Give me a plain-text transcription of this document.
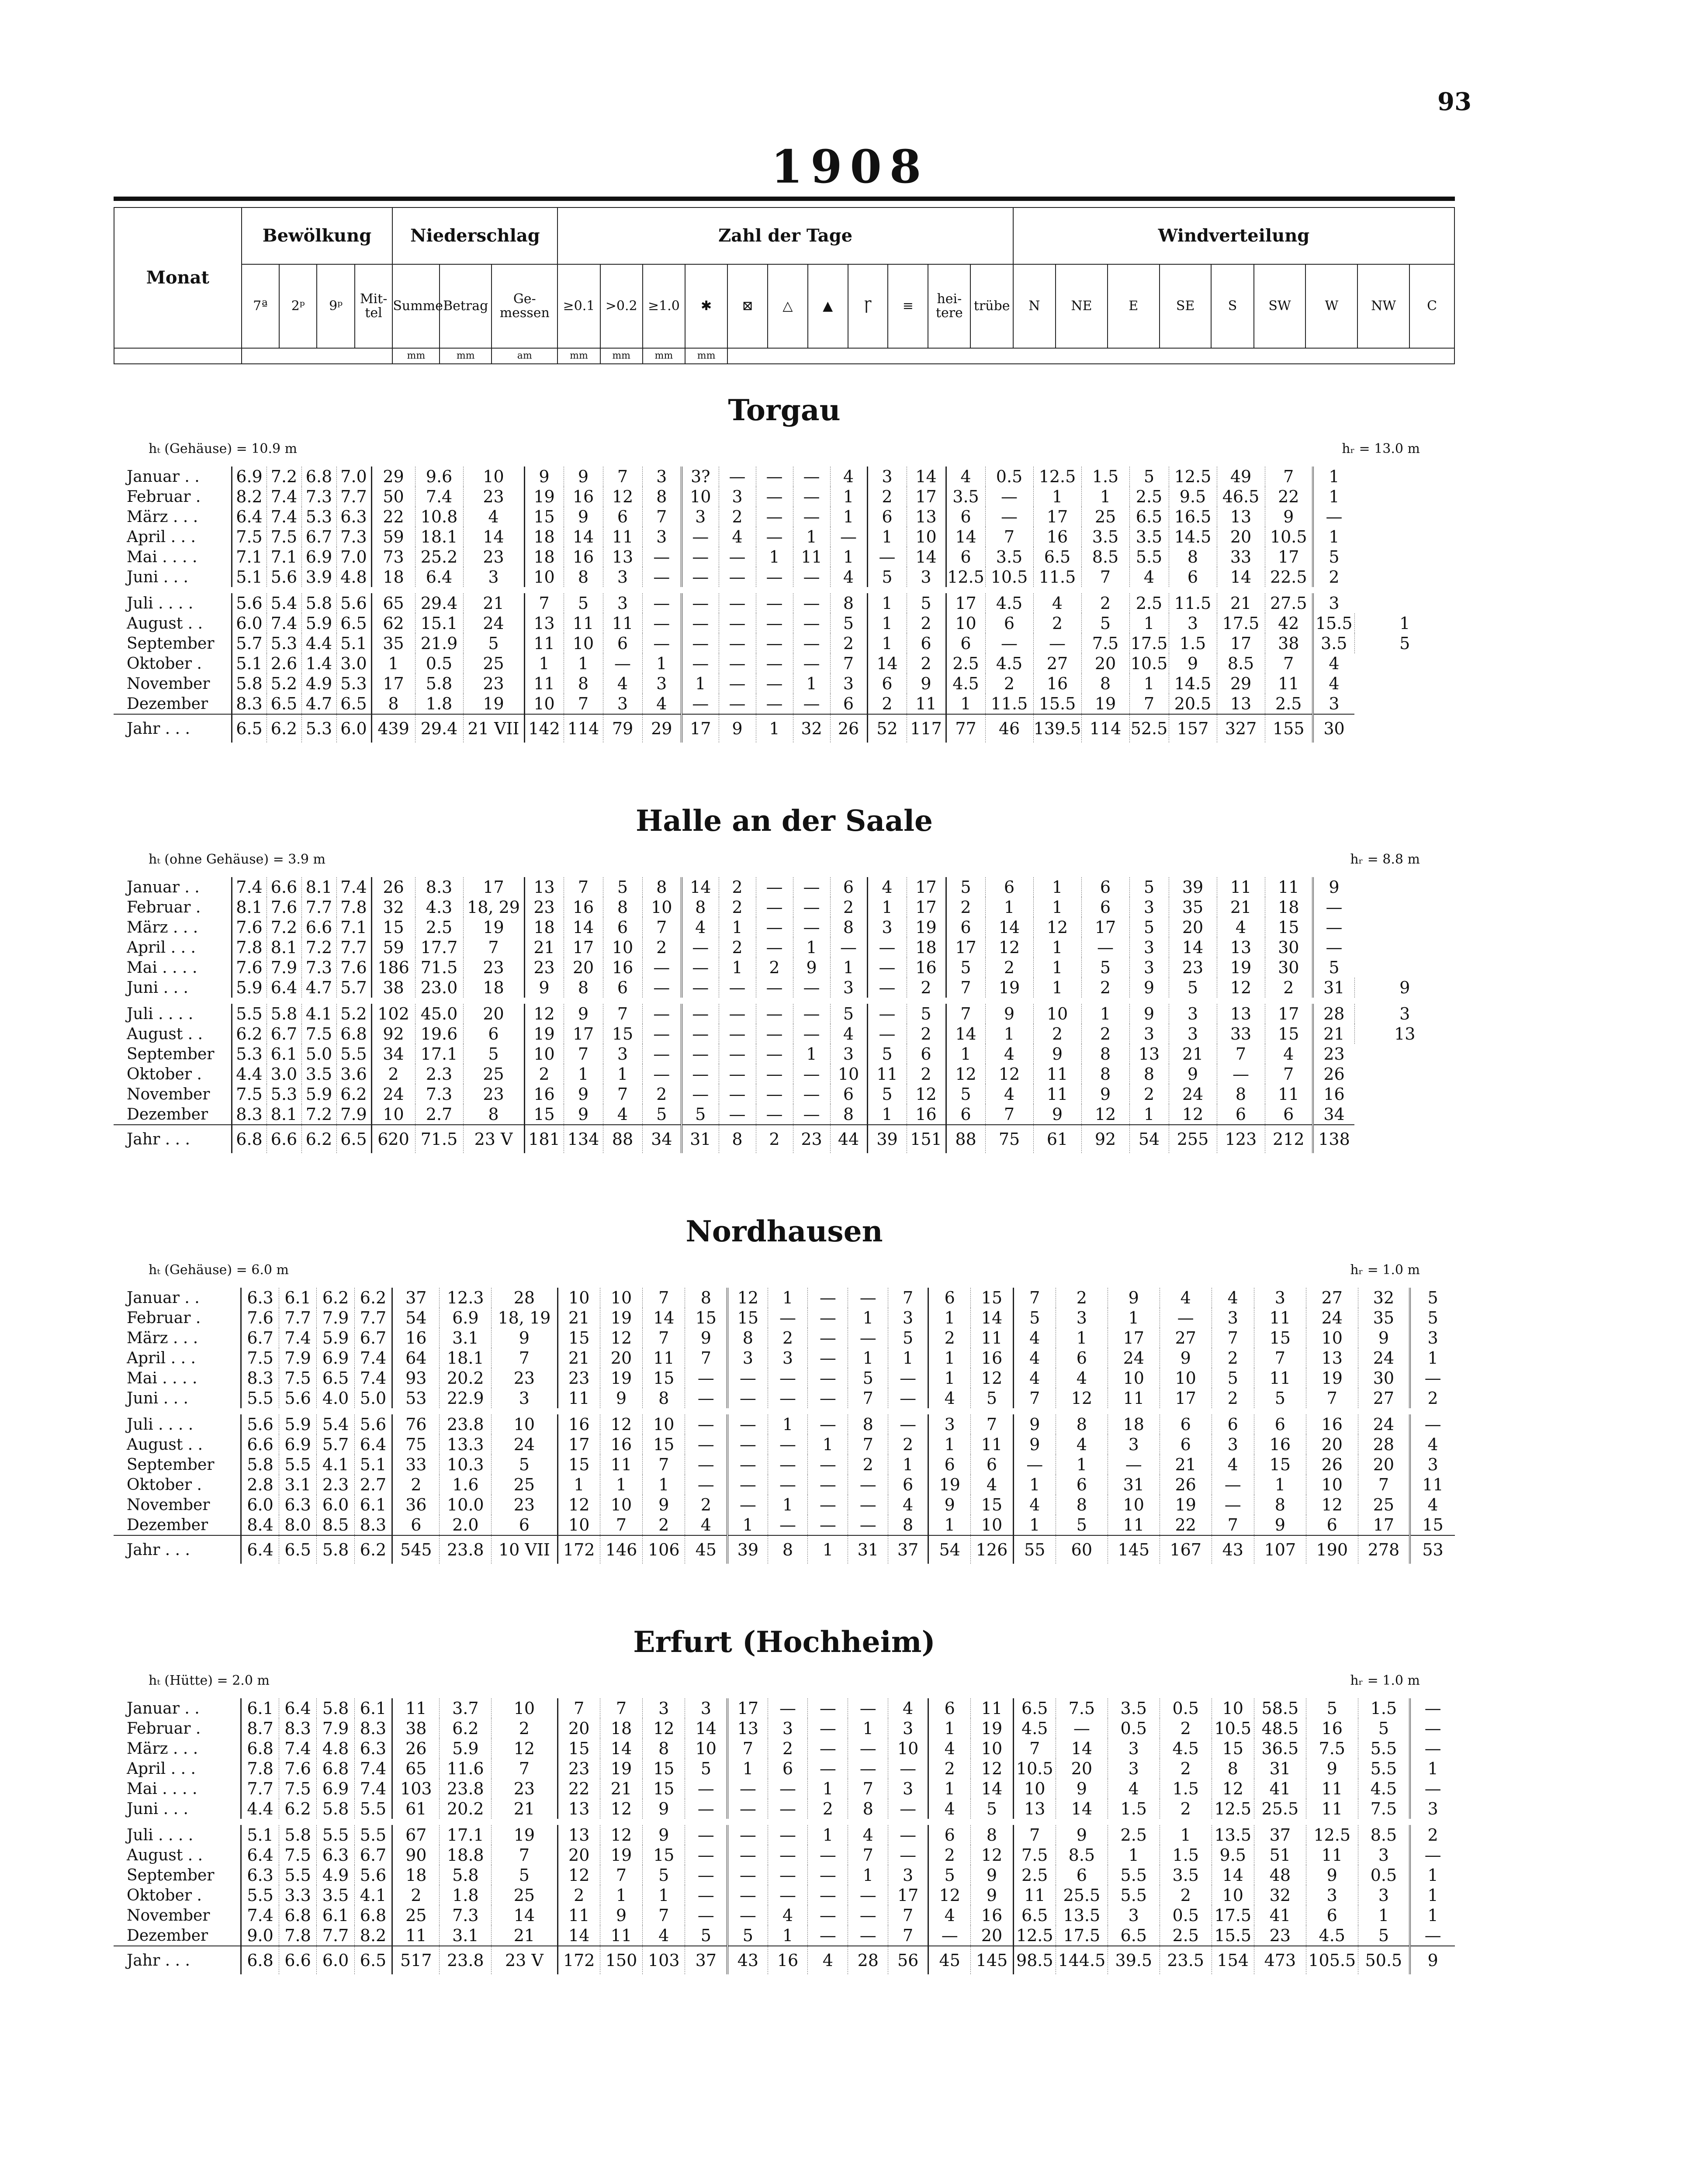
93
1908
Monat	Bewölkung				Niederschlag			Zahl der Tage											Windverteilung								
	7ª	2ᵖ	9ᵖ	Mit-tel	Summe	Betrag	Ge-messen	≥0.1	>0.2	≥1.0	✱	⊠	△	▲	Ꞅ	≡	hei-tere	trübe	N	NE	E	SE	S	SW	W	NW	C
					mm	mm	am	mm	mm	mm	mm																
Torgau
hₜ (Gehäuse) = 10.9 m	hᵣ = 13.0 m
Januar . .	6.9	7.2	6.8	7.0	29	9.6	10	9	9	7	3	3?	—	—	—	4	3	14	4	0.5	12.5	1.5	5	12.5	49	7	1	
Februar .	8.2	7.4	7.3	7.7	50	7.4	23	19	16	12	8	10	3	—	—	1	2	17	3.5	—	1	1	2.5	9.5	46.5	22	1	
März . . .	6.4	7.4	5.3	6.3	22	10.8	4	15	9	6	7	3	2	—	—	1	6	13	6	—	17	25	6.5	16.5	13	9	—	
April . . .	7.5	7.5	6.7	7.3	59	18.1	14	18	14	11	3	—	4	—	1	—	1	10	14	7	16	3.5	3.5	14.5	20	10.5	1	
Mai . . . .	7.1	7.1	6.9	7.0	73	25.2	23	18	16	13	—	—	—	1	11	1	—	14	6	3.5	6.5	8.5	5.5	8	33	17	5	
Juni . . .	5.1	5.6	3.9	4.8	18	6.4	3	10	8	3	—	—	—	—	—	4	5	3	12.5	10.5	11.5	7	4	6	14	22.5	2	

Juli . . . .	5.6	5.4	5.8	5.6	65	29.4	21	7	5	3	—	—	—	—	—	8	1	5	17	4.5	4	2	2.5	11.5	21	27.5	3	
August . .	6.0	7.4	5.9	6.5	62	15.1	24	13	11	11	—	—	—	—	—	5	1	2	10	6	2	5	1	3	17.5	42	15.5	1
September	5.7	5.3	4.4	5.1	35	21.9	5	11	10	6	—	—	—	—	—	2	1	6	6	—	—	7.5	17.5	1.5	17	38	3.5	5
Oktober .	5.1	2.6	1.4	3.0	1	0.5	25	1	1	—	1	—	—	—	—	7	14	2	2.5	4.5	27	20	10.5	9	8.5	7	4	
November	5.8	5.2	4.9	5.3	17	5.8	23	11	8	4	3	1	—	—	1	3	6	9	4.5	2	16	8	1	14.5	29	11	4	
Dezember	8.3	6.5	4.7	6.5	8	1.8	19	10	7	3	4	—	—	—	—	6	2	11	1	11.5	15.5	19	7	20.5	13	2.5	3	
Jahr . . .	6.5	6.2	5.3	6.0	439	29.4	21 VII	142	114	79	29	17	9	1	32	26	52	117	77	46	139.5	114	52.5	157	327	155	30	
Halle an der Saale
hₜ (ohne Gehäuse) = 3.9 m	hᵣ = 8.8 m
Januar . .	7.4	6.6	8.1	7.4	26	8.3	17	13	7	5	8	14	2	—	—	6	4	17	5	6	1	6	5	39	11	11	9	
Februar .	8.1	7.6	7.7	7.8	32	4.3	18, 29	23	16	8	10	8	2	—	—	2	1	17	2	1	1	6	3	35	21	18	—	
März . . .	7.6	7.2	6.6	7.1	15	2.5	19	18	14	6	7	4	1	—	—	8	3	19	6	14	12	17	5	20	4	15	—	
April . . .	7.8	8.1	7.2	7.7	59	17.7	7	21	17	10	2	—	2	—	1	—	—	18	17	12	1	—	3	14	13	30	—	
Mai . . . .	7.6	7.9	7.3	7.6	186	71.5	23	23	20	16	—	—	1	2	9	1	—	16	5	2	1	5	3	23	19	30	5	
Juni . . .	5.9	6.4	4.7	5.7	38	23.0	18	9	8	6	—	—	—	—	—	3	—	2	7	19	1	2	9	5	12	2	31	9

Juli . . . .	5.5	5.8	4.1	5.2	102	45.0	20	12	9	7	—	—	—	—	—	5	—	5	7	9	10	1	9	3	13	17	28	3
August . .	6.2	6.7	7.5	6.8	92	19.6	6	19	17	15	—	—	—	—	—	4	—	2	14	1	2	2	3	3	33	15	21	13
September	5.3	6.1	5.0	5.5	34	17.1	5	10	7	3	—	—	—	—	1	3	5	6	1	4	9	8	13	21	7	4	23	
Oktober .	4.4	3.0	3.5	3.6	2	2.3	25	2	1	1	—	—	—	—	—	10	11	2	12	12	11	8	8	9	—	7	26	
November	7.5	5.3	5.9	6.2	24	7.3	23	16	9	7	2	—	—	—	—	6	5	12	5	4	11	9	2	24	8	11	16	
Dezember	8.3	8.1	7.2	7.9	10	2.7	8	15	9	4	5	5	—	—	—	8	1	16	6	7	9	12	1	12	6	6	34	
Jahr . . .	6.8	6.6	6.2	6.5	620	71.5	23 V	181	134	88	34	31	8	2	23	44	39	151	88	75	61	92	54	255	123	212	138	
Nordhausen
hₜ (Gehäuse) = 6.0 m	hᵣ = 1.0 m
Januar . .	6.3	6.1	6.2	6.2	37	12.3	28	10	10	7	8	12	1	—	—	7	6	15	7	2	9	4	4	3	27	32	5
Februar .	7.6	7.7	7.9	7.7	54	6.9	18, 19	21	19	14	15	15	—	—	1	3	1	14	5	3	1	—	3	11	24	35	5
März . . .	6.7	7.4	5.9	6.7	16	3.1	9	15	12	7	9	8	2	—	—	5	2	11	4	1	17	27	7	15	10	9	3
April . . .	7.5	7.9	6.9	7.4	64	18.1	7	21	20	11	7	3	3	—	1	1	1	16	4	6	24	9	2	7	13	24	1
Mai . . . .	8.3	7.5	6.5	7.4	93	20.2	23	23	19	15	—	—	—	—	5	—	1	12	4	4	10	10	5	11	19	30	—
Juni . . .	5.5	5.6	4.0	5.0	53	22.9	3	11	9	8	—	—	—	—	7	—	4	5	7	12	11	17	2	5	7	27	2

Juli . . . .	5.6	5.9	5.4	5.6	76	23.8	10	16	12	10	—	—	1	—	8	—	3	7	9	8	18	6	6	6	16	24	—
August . .	6.6	6.9	5.7	6.4	75	13.3	24	17	16	15	—	—	—	1	7	2	1	11	9	4	3	6	3	16	20	28	4
September	5.8	5.5	4.1	5.1	33	10.3	5	15	11	7	—	—	—	—	2	1	6	6	—	1	—	21	4	15	26	20	3
Oktober .	2.8	3.1	2.3	2.7	2	1.6	25	1	1	1	—	—	—	—	—	6	19	4	1	6	31	26	—	1	10	7	11
November	6.0	6.3	6.0	6.1	36	10.0	23	12	10	9	2	—	1	—	—	4	9	15	4	8	10	19	—	8	12	25	4
Dezember	8.4	8.0	8.5	8.3	6	2.0	6	10	7	2	4	1	—	—	—	8	1	10	1	5	11	22	7	9	6	17	15
Jahr . . .	6.4	6.5	5.8	6.2	545	23.8	10 VII	172	146	106	45	39	8	1	31	37	54	126	55	60	145	167	43	107	190	278	53
Erfurt (Hochheim)
hₜ (Hütte) = 2.0 m	hᵣ = 1.0 m
Januar . .	6.1	6.4	5.8	6.1	11	3.7	10	7	7	3	3	17	—	—	—	4	6	11	6.5	7.5	3.5	0.5	10	58.5	5	1.5	—
Februar .	8.7	8.3	7.9	8.3	38	6.2	2	20	18	12	14	13	3	—	1	3	1	19	4.5	—	0.5	2	10.5	48.5	16	5	—
März . . .	6.8	7.4	4.8	6.3	26	5.9	12	15	14	8	10	7	2	—	—	10	4	10	7	14	3	4.5	15	36.5	7.5	5.5	—
April . . .	7.8	7.6	6.8	7.4	65	11.6	7	23	19	15	5	1	6	—	—	—	2	12	10.5	20	3	2	8	31	9	5.5	1
Mai . . . .	7.7	7.5	6.9	7.4	103	23.8	23	22	21	15	—	—	—	1	7	3	1	14	10	9	4	1.5	12	41	11	4.5	—
Juni . . .	4.4	6.2	5.8	5.5	61	20.2	21	13	12	9	—	—	—	2	8	—	4	5	13	14	1.5	2	12.5	25.5	11	7.5	3

Juli . . . .	5.1	5.8	5.5	5.5	67	17.1	19	13	12	9	—	—	—	1	4	—	6	8	7	9	2.5	1	13.5	37	12.5	8.5	2
August . .	6.4	7.5	6.3	6.7	90	18.8	7	20	19	15	—	—	—	—	7	—	2	12	7.5	8.5	1	1.5	9.5	51	11	3	—
September	6.3	5.5	4.9	5.6	18	5.8	5	12	7	5	—	—	—	—	1	3	5	9	2.5	6	5.5	3.5	14	48	9	0.5	1
Oktober .	5.5	3.3	3.5	4.1	2	1.8	25	2	1	1	—	—	—	—	—	17	12	9	11	25.5	5.5	2	10	32	3	3	1
November	7.4	6.8	6.1	6.8	25	7.3	14	11	9	7	—	—	4	—	—	7	4	16	6.5	13.5	3	0.5	17.5	41	6	1	1
Dezember	9.0	7.8	7.7	8.2	11	3.1	21	14	11	4	5	5	1	—	—	7	—	20	12.5	17.5	6.5	2.5	15.5	23	4.5	5	—
Jahr . . .	6.8	6.6	6.0	6.5	517	23.8	23 V	172	150	103	37	43	16	4	28	56	45	145	98.5	144.5	39.5	23.5	154	473	105.5	50.5	9
